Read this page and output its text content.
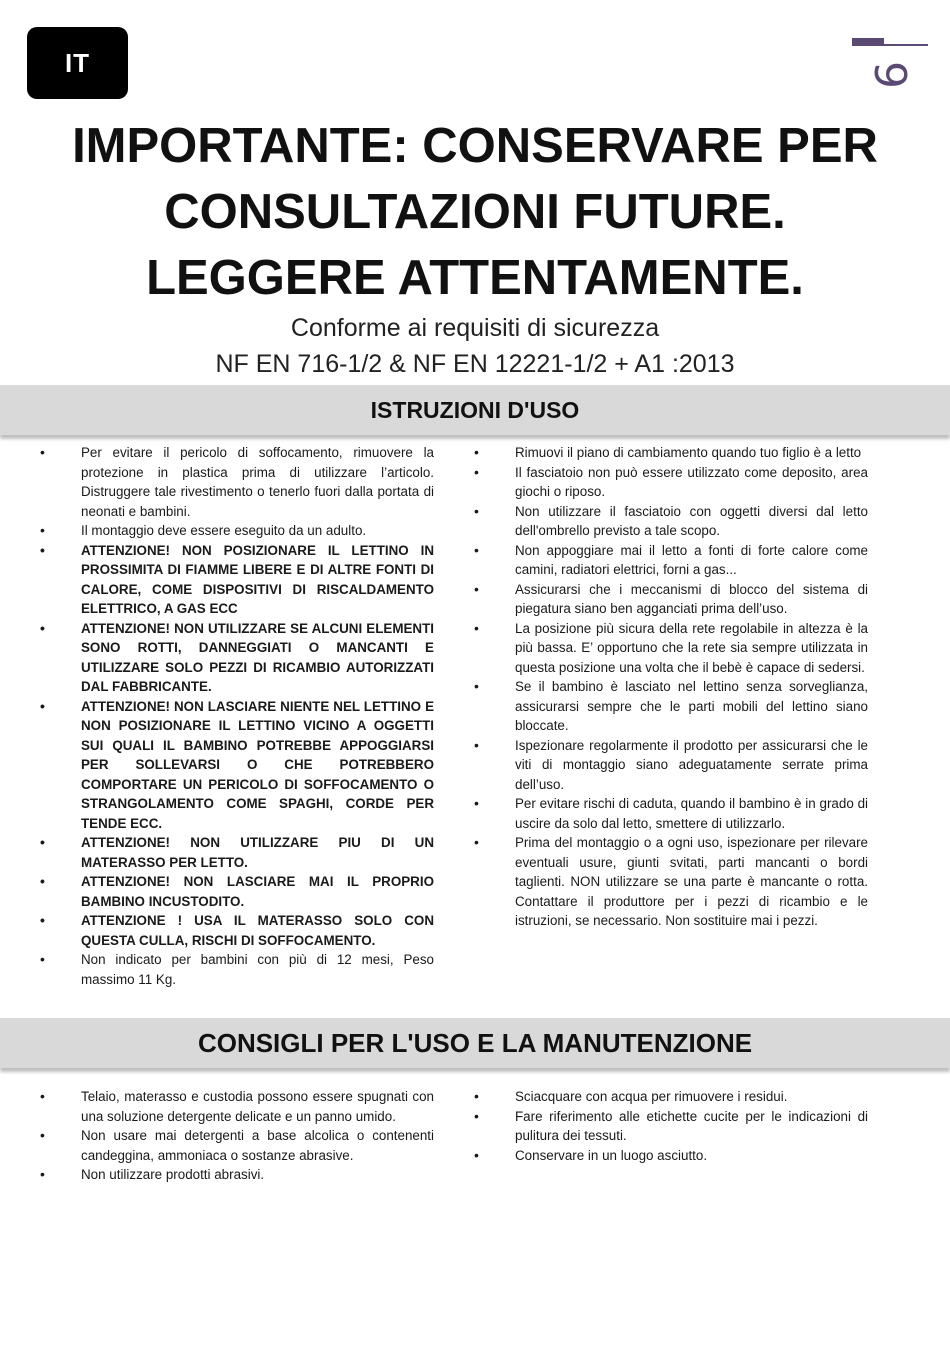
IT	9
IMPORTANTE: CONSERVARE PER
CONSULTAZIONI FUTURE.
LEGGERE ATTENTAMENTE.
Conforme ai requisiti di sicurezza
NF EN 716-1/2 & NF EN 12221-1/2 + A1 :2013
ISTRUZIONI D'USO
• Per evitare il pericolo di soffocamento, rimuovere la protezione in plastica prima di utilizzare l’articolo. Distruggere tale rivestimento o tenerlo fuori dalla portata di neonati e bambini.
• Il montaggio deve essere eseguito da un adulto.
• ATTENZIONE! NON POSIZIONARE IL LETTINO IN PROSSIMITA DI FIAMME LIBERE E DI ALTRE FONTI DI CALORE, COME DISPOSITIVI DI RISCALDAMENTO ELETTRICO, A GAS ECC
• ATTENZIONE! NON UTILIZZARE SE ALCUNI ELEMENTI SONO ROTTI, DANNEGGIATI O MANCANTI E UTILIZZARE SOLO PEZZI DI RICAMBIO AUTORIZZATI DAL FABBRICANTE.
• ATTENZIONE! NON LASCIARE NIENTE NEL LETTINO E NON POSIZIONARE IL LETTINO VICINO A OGGETTI SUI QUALI IL BAMBINO POTREBBE APPOGGIARSI PER SOLLEVARSI O CHE POTREBBERO COMPORTARE UN PERICOLO DI SOFFOCAMENTO O STRANGOLAMENTO COME SPAGHI, CORDE PER TENDE ECC.
• ATTENZIONE! NON UTILIZZARE PIU DI UN MATERASSO PER LETTO.
• ATTENZIONE! NON LASCIARE MAI IL PROPRIO BAMBINO INCUSTODITO.
• ATTENZIONE ! USA IL MATERASSO SOLO CON QUESTA CULLA, RISCHI DI SOFFOCAMENTO.
• Non indicato per bambini con più di 12 mesi, Peso massimo 11 Kg.
• Rimuovi il piano di cambiamento quando tuo figlio è a letto
• Il fasciatoio non può essere utilizzato come deposito, area giochi o riposo.
• Non utilizzare il fasciatoio con oggetti diversi dal letto dell'ombrello previsto a tale scopo.
• Non appoggiare mai il letto a fonti di forte calore come camini, radiatori elettrici, forni a gas...
• Assicurarsi che i meccanismi di blocco del sistema di piegatura siano ben agganciati prima dell’uso.
• La posizione più sicura della rete regolabile in altezza è la più bassa. E’ opportuno che la rete sia sempre utilizzata in questa posizione una volta che il bebè è capace di sedersi.
• Se il bambino è lasciato nel lettino senza sorveglianza, assicurarsi sempre che le parti mobili del lettino siano bloccate.
• Ispezionare regolarmente il prodotto per assicurarsi che le viti di montaggio siano adeguatamente serrate prima dell’uso.
• Per evitare rischi di caduta, quando il bambino è in grado di uscire da solo dal letto, smettere di utilizzarlo.
• Prima del montaggio o a ogni uso, ispezionare per rilevare eventuali usure, giunti svitati, parti mancanti o bordi taglienti. NON utilizzare se una parte è mancante o rotta. Contattare il produttore per i pezzi di ricambio e le istruzioni, se necessario. Non sostituire mai i pezzi.
CONSIGLI PER L'USO E LA MANUTENZIONE
• Telaio, materasso e custodia possono essere spugnati con una soluzione detergente delicate e un panno umido.
• Non usare mai detergenti a base alcolica o contenenti candeggina, ammoniaca o sostanze abrasive.
• Non utilizzare prodotti abrasivi.
• Sciacquare con acqua per rimuovere i residui.
• Fare riferimento alle etichette cucite per le indicazioni di pulitura dei tessuti.
• Conservare in un luogo asciutto.
